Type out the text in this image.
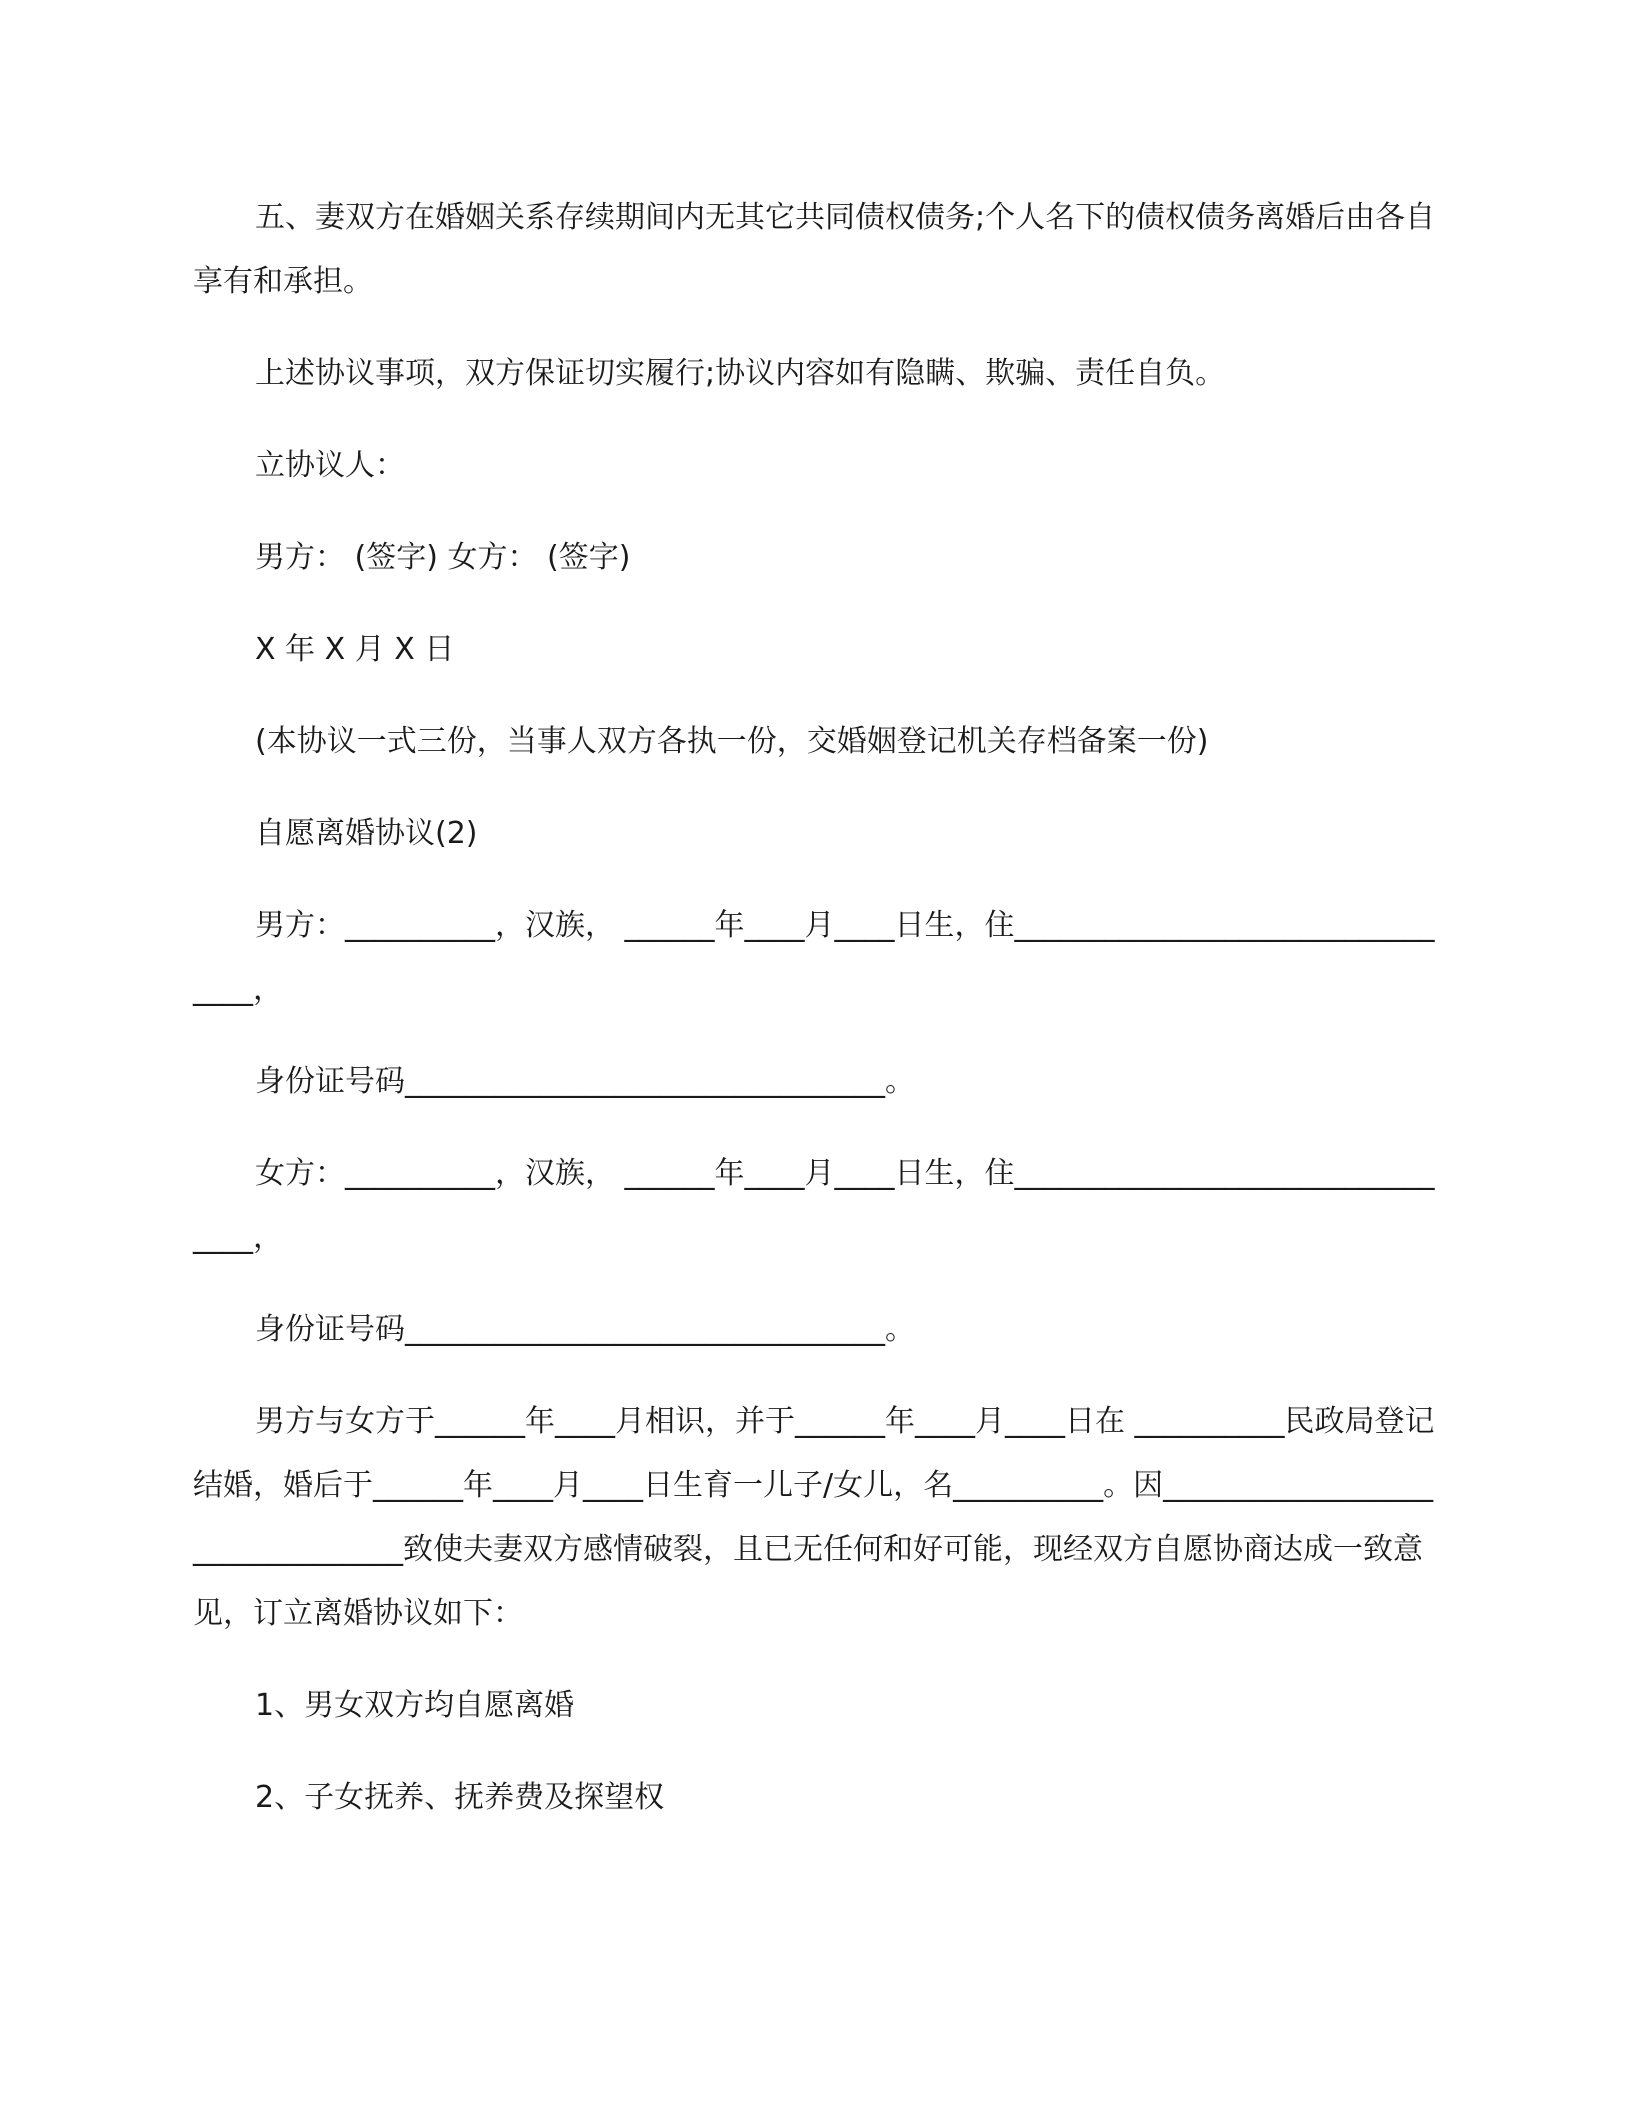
五、妻双方在婚姻关系存续期间内无其它共同债权债务;个人名下的债权债务离婚后由各自享有和承担。

上述协议事项，双方保证切实履行;协议内容如有隐瞒、欺骗、责任自负。

立协议人：

男方： (签字) 女方： (签字)

X 年 X 月 X 日

(本协议一式三份，当事人双方各执一份，交婚姻登记机关存档备案一份)

自愿离婚协议(2)

男方：__________，汉族， ______年____月____日生，住________________________________，

身份证号码________________________________。

女方：__________，汉族， ______年____月____日生，住________________________________，

身份证号码________________________________。

男方与女方于______年____月相识，并于______年____月____日在 __________民政局登记结婚，婚后于______年____月____日生育一儿子/女儿，名__________。因________________________________致使夫妻双方感情破裂，且已无任何和好可能，现经双方自愿协商达成一致意见，订立离婚协议如下：

1、男女双方均自愿离婚

2、子女抚养、抚养费及探望权
